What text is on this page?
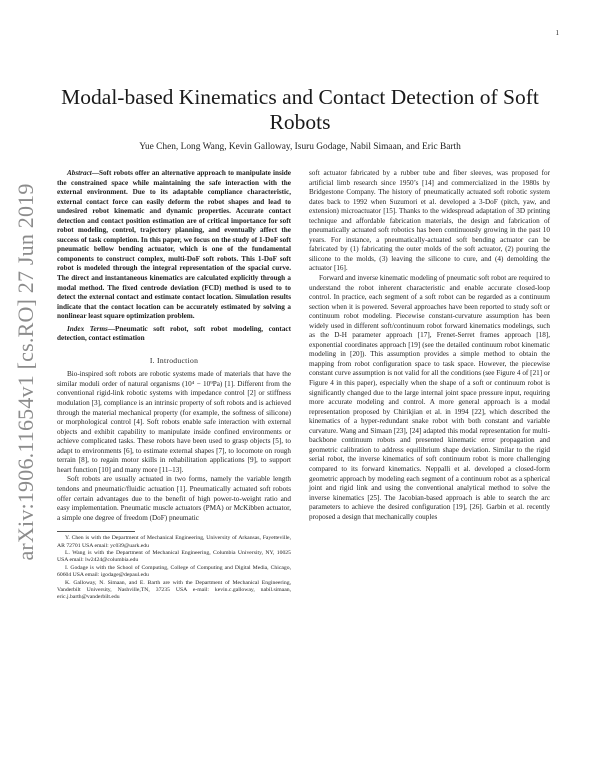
1
arXiv:1906.11654v1 [cs.RO] 27 Jun 2019
Modal-based Kinematics and Contact Detection of Soft Robots
Yue Chen, Long Wang, Kevin Galloway, Isuru Godage, Nabil Simaan, and Eric Barth

Abstract—Soft robots offer an alternative approach to manipulate inside the constrained space while maintaining the safe interaction with the external environment. Due to its adaptable compliance characteristic, external contact force can easily deform the robot shapes and lead to undesired robot kinematic and dynamic properties. Accurate contact detection and contact position estimation are of critical importance for soft robot modeling, control, trajectory planning, and eventually affect the success of task completion. In this paper, we focus on the study of 1-DoF soft pneumatic bellow bending actuator, which is one of the fundamental components to construct complex, multi-DoF soft robots. This 1-DoF soft robot is modeled through the integral representation of the spacial curve. The direct and instantaneous kinematics are calculated explicitly through a modal method. The fixed centrode deviation (FCD) method is used to to detect the external contact and estimate contact location. Simulation results indicate that the contact location can be accurately estimated by solving a nonlinear least square optimization problem.

Index Terms—Pneumatic soft robot, soft robot modeling, contact detection, contact estimation

I. Introduction

Bio-inspired soft robots are robotic systems made of materials that have the similar moduli order of natural organisms (10⁴ − 10⁹Pa) [1]. Different from the conventional rigid-link robotic systems with impedance control [2] or stiffness modulation [3], compliance is an intrinsic property of soft robots and is achieved through the material mechanical property (for example, the softness of silicone) or morphological control [4]. Soft robots enable safe interaction with external objects and exhibit capability to manipulate inside confined environments or achieve complicated tasks. These robots have been used to grasp objects [5], to adapt to environments [6], to estimate external shapes [7], to locomote on rough terrain [8], to regain motor skills in rehabilitation applications [9], to support heart function [10] and many more [11–13].

Soft robots are usually actuated in two forms, namely the variable length tendons and pneumatic/fluidic actuation [1]. Pneumatically actuated soft robots offer certain advantages due to the benefit of high power-to-weight ratio and easy implementation. Pneumatic muscle actuators (PMA) or McKibben actuator, a simple one degree of freedom (DoF) pneumatic

Y. Chen is with the Department of Mechanical Engineering, University of Arkansas, Fayetteville, AR 72701 USA email: yc039@uark.edu

L. Wang is with the Department of Mechanical Engineering, Columbia University, NY, 10025 USA email: lw2424@columbia.edu

I. Godage is with the School of Computing, College of Computing and Digital Media, Chicago, 60604 USA email: igodage@depaul.edu

K. Galloway, N. Simaan, and E. Barth are with the Department of Mechanical Engineering, Vanderbilt University, Nashville,TN, 37235 USA e-mail: kevin.c.galloway, nabil.simaan, eric.j.barth@vanderbilt.edu

soft actuator fabricated by a rubber tube and fiber sleeves, was proposed for artificial limb research since 1950’s [14] and commercialized in the 1980s by Bridgestone Company. The history of pneumatically actuated soft robotic system dates back to 1992 when Suzumori et al. developed a 3-DoF (pitch, yaw, and extension) microactuator [15]. Thanks to the widespread adaptation of 3D printing technique and affordable fabrication materials, the design and fabrication of pneumatically actuated soft robotics has been continuously growing in the past 10 years. For instance, a pneumatically-actuated soft bending actuator can be fabricated by (1) fabricating the outer molds of the soft actuator, (2) pouring the silicone to the molds, (3) leaving the silicone to cure, and (4) demolding the actuator [16].

Forward and inverse kinematic modeling of pneumatic soft robot are required to understand the robot inherent characteristic and enable accurate closed-loop control. In practice, each segment of a soft robot can be regarded as a continuum section when it is powered. Several approaches have been reported to study soft or continuum robot modeling. Piecewise constant-curvature assumption has been widely used in different soft/continuum robot forward kinematics modelings, such as the D-H parameter approach [17], Frenet-Serret frames approach [18], exponential coordinates approach [19] (see the detailed continuum robot kinematic modeling in [20]). This assumption provides a simple method to obtain the mapping from robot configuration space to task space. However, the piecewise constant curve assumption is not valid for all the conditions (see Figure 4 of [21] or Figure 4 in this paper), especially when the shape of a soft or continuum robot is significantly changed due to the large internal joint space pressure input, requiring more accurate modeling and control. A more general approach is a modal representation proposed by Chirikjian et al. in 1994 [22], which described the kinematics of a hyper-redundant snake robot with both constant and variable curvature. Wang and Simaan [23], [24] adapted this modal representation for multi-backbone continuum robots and presented kinematic error propagation and geometric calibration to address equilibrium shape deviation. Similar to the rigid serial robot, the inverse kinematics of soft continuum robot is more challenging compared to its forward kinematics. Neppalli et al. developed a closed-form geometric approach by modeling each segment of a continuum robot as a spherical joint and rigid link and using the conventional analytical method to solve the inverse kinematics [25]. The Jacobian-based approach is able to search the arc parameters to achieve the desired configuration [19], [26]. Garbin et al. recently proposed a design that mechanically couples
